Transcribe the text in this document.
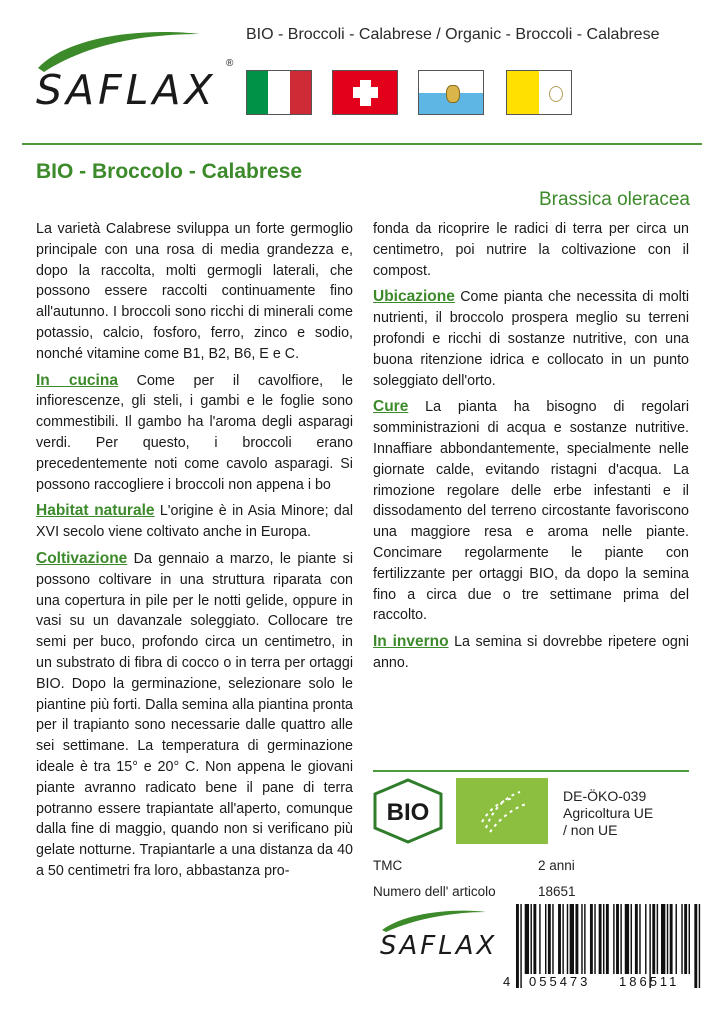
SAFLAX
®
BIO - Broccoli - Calabrese / Organic - Broccoli - Calabrese
BIO - Broccolo - Calabrese
Brassica oleracea

La varietà Calabrese sviluppa un forte germoglio principale con una rosa di media grandezza e, dopo la raccolta, molti germogli laterali, che possono essere raccolti continuamente fino all'autunno. I broccoli sono ricchi di minerali come potassio, calcio, fosforo, ferro, zinco e sodio, nonché vitamine come B1, B2, B6, E e C.

In cucina Come per il cavolfiore, le infiorescenze, gli steli, i gambi e le foglie sono commestibili. Il gambo ha l'aroma degli asparagi verdi. Per questo, i broccoli erano precedentemente noti come cavolo asparagi. Si possono raccogliere i broccoli non appena i bo

Habitat naturale L'origine è in Asia Minore; dal XVI secolo viene coltivato anche in Europa.

Coltivazione Da gennaio a marzo, le piante si possono coltivare in una struttura riparata con una copertura in pile per le notti gelide, oppure in vasi su un davanzale soleggiato. Collocare tre semi per buco, profondo circa un centimetro, in un substrato di fibra di cocco o in terra per ortaggi BIO. Dopo la germinazione, selezionare solo le piantine più forti. Dalla semina alla piantina pronta per il trapianto sono necessarie dalle quattro alle sei settimane. La temperatura di germinazione ideale è tra 15° e 20° C. Non appena le giovani piante avranno radicato bene il pane di terra potranno essere trapiantate all'aperto, comunque dalla fine di maggio, quando non si verificano più gelate notturne. Trapiantarle a una distanza da 40 a 50 centimetri fra loro, abbastanza pro-

fonda da ricoprire le radici di terra per circa un centimetro, poi nutrire la coltivazione con il compost.

Ubicazione Come pianta che necessita di molti nutrienti, il broccolo prospera meglio su terreni profondi e ricchi di sostanze nutritive, con una buona ritenzione idrica e collocato in un punto soleggiato dell'orto.

Cure La pianta ha bisogno di regolari somministrazioni di acqua e sostanze nutritive. Innaffiare abbondantemente, specialmente nelle giornate calde, evitando ristagni d'acqua. La rimozione regolare delle erbe infestanti e il dissodamento del terreno circostante favoriscono una maggiore resa e aroma nelle piante. Concimare regolarmente le piante con fertilizzante per ortaggi BIO, da dopo la semina fino a circa due o tre settimane prima del raccolto.

In inverno La semina si dovrebbe ripetere ogni anno.

BIO
DE-ÖKO-039
Agricoltura UE
/ non UE
TMC	2 anni
Numero dell' articolo	18651
SAFLAX
4 055473 186511
